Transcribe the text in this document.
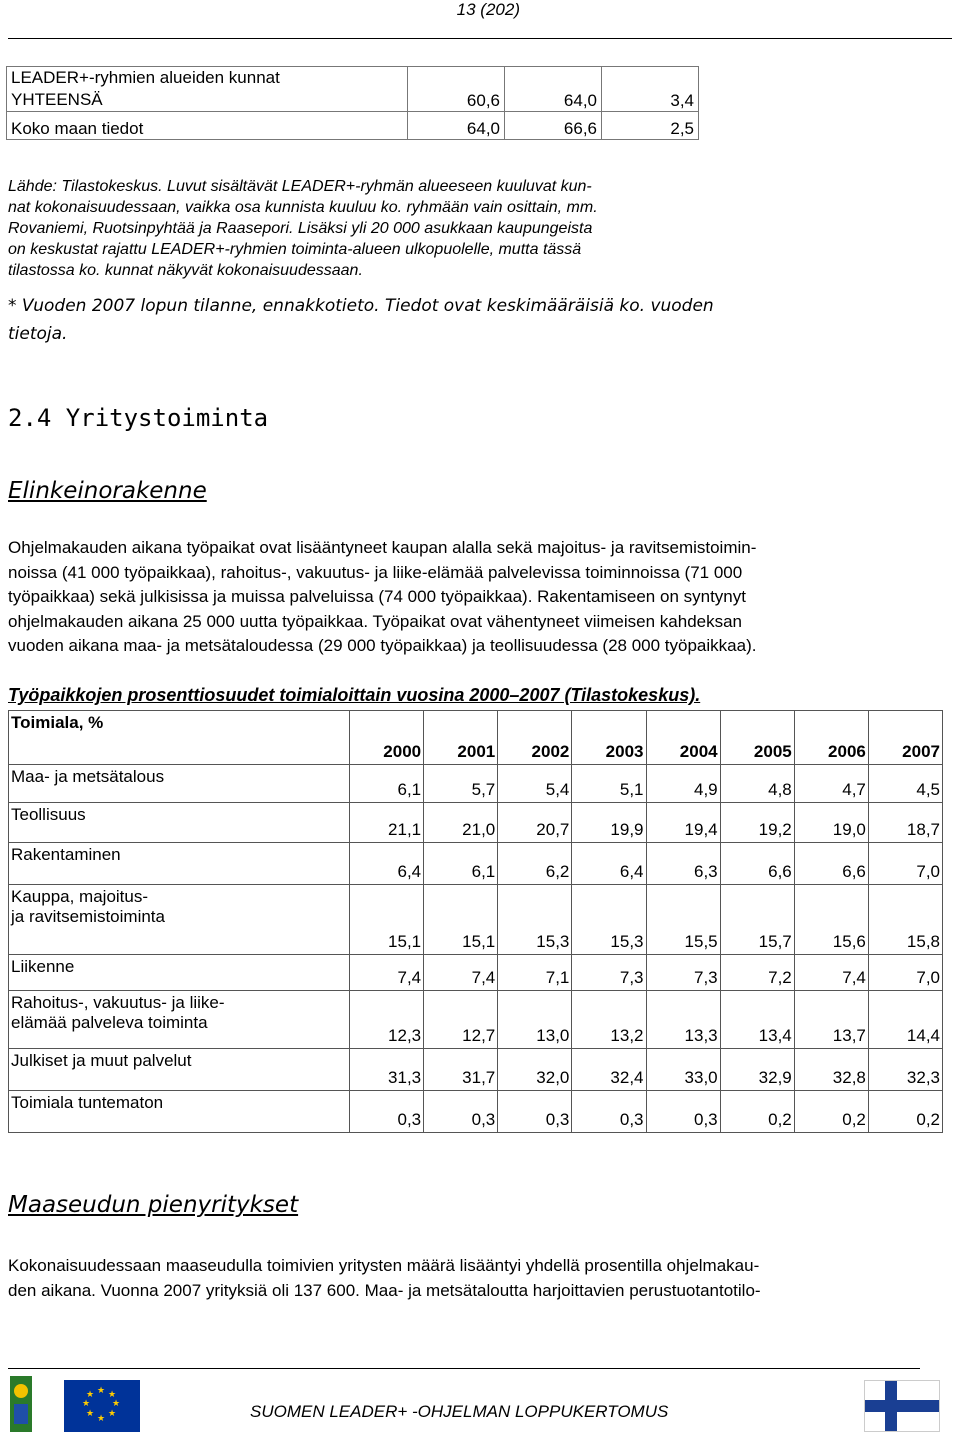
13 (202)
LEADER+-ryhmien alueiden kunnat
YHTEENSÄ	60,6	64,0	3,4
Koko maan tiedot	64,0	66,6	2,5
Lähde: Tilastokeskus. Luvut sisältävät LEADER+-ryhmän alueeseen kuuluvat kun-
nat kokonaisuudessaan, vaikka osa kunnista kuuluu ko. ryhmään vain osittain, mm.
Rovaniemi, Ruotsinpyhtää ja Raasepori. Lisäksi yli 20 000 asukkaan kaupungeista
on keskustat rajattu LEADER+-ryhmien toiminta-alueen ulkopuolelle, mutta tässä
tilastossa ko. kunnat näkyvät kokonaisuudessaan.
* Vuoden 2007 lopun tilanne, ennakkotieto. Tiedot ovat keskimääräisiä ko. vuoden
tietoja.
2.4 Yritystoiminta
Elinkeinorakenne
Ohjelmakauden aikana työpaikat ovat lisääntyneet kaupan alalla sekä majoitus- ja ravitsemistoimin-
noissa (41 000 työpaikkaa), rahoitus-, vakuutus- ja liike-elämää palvelevissa toiminnoissa (71 000
työpaikkaa) sekä julkisissa ja muissa palveluissa (74 000 työpaikkaa). Rakentamiseen on syntynyt
ohjelmakauden aikana 25 000 uutta työpaikkaa. Työpaikat ovat vähentyneet viimeisen kahdeksan
vuoden aikana maa- ja metsätaloudessa (29 000 työpaikkaa) ja teollisuudessa (28 000 työpaikkaa).
Työpaikkojen prosenttiosuudet toimialoittain vuosina 2000–2007 (Tilastokeskus).
Toimiala, %	2000	2001	2002	2003	2004	2005	2006	2007

Maa- ja metsätalous	6,1	5,7	5,4	5,1	4,9	4,8	4,7	4,5

Teollisuus	21,1	21,0	20,7	19,9	19,4	19,2	19,0	18,7

Rakentaminen	6,4	6,1	6,2	6,4	6,3	6,6	6,6	7,0

Kauppa, majoitus-
ja ravitsemistoiminta	15,1	15,1	15,3	15,3	15,5	15,7	15,6	15,8

Liikenne	7,4	7,4	7,1	7,3	7,3	7,2	7,4	7,0

Rahoitus-, vakuutus- ja liike-
elämää palveleva toiminta	12,3	12,7	13,0	13,2	13,3	13,4	13,7	14,4

Julkiset ja muut palvelut	31,3	31,7	32,0	32,4	33,0	32,9	32,8	32,3

Toimiala tuntematon	0,3	0,3	0,3	0,3	0,3	0,2	0,2	0,2
Maaseudun pienyritykset
Kokonaisuudessaan maaseudulla toimivien yritysten määrä lisääntyi yhdellä prosentilla ohjelmakau-
den aikana. Vuonna 2007 yrityksiä oli 137 600. Maa- ja metsätaloutta harjoittavien perustuotantotilo-
★ ★
★
★
★
★
★
★
SUOMEN LEADER+ -OHJELMAN LOPPUKERTOMUS
